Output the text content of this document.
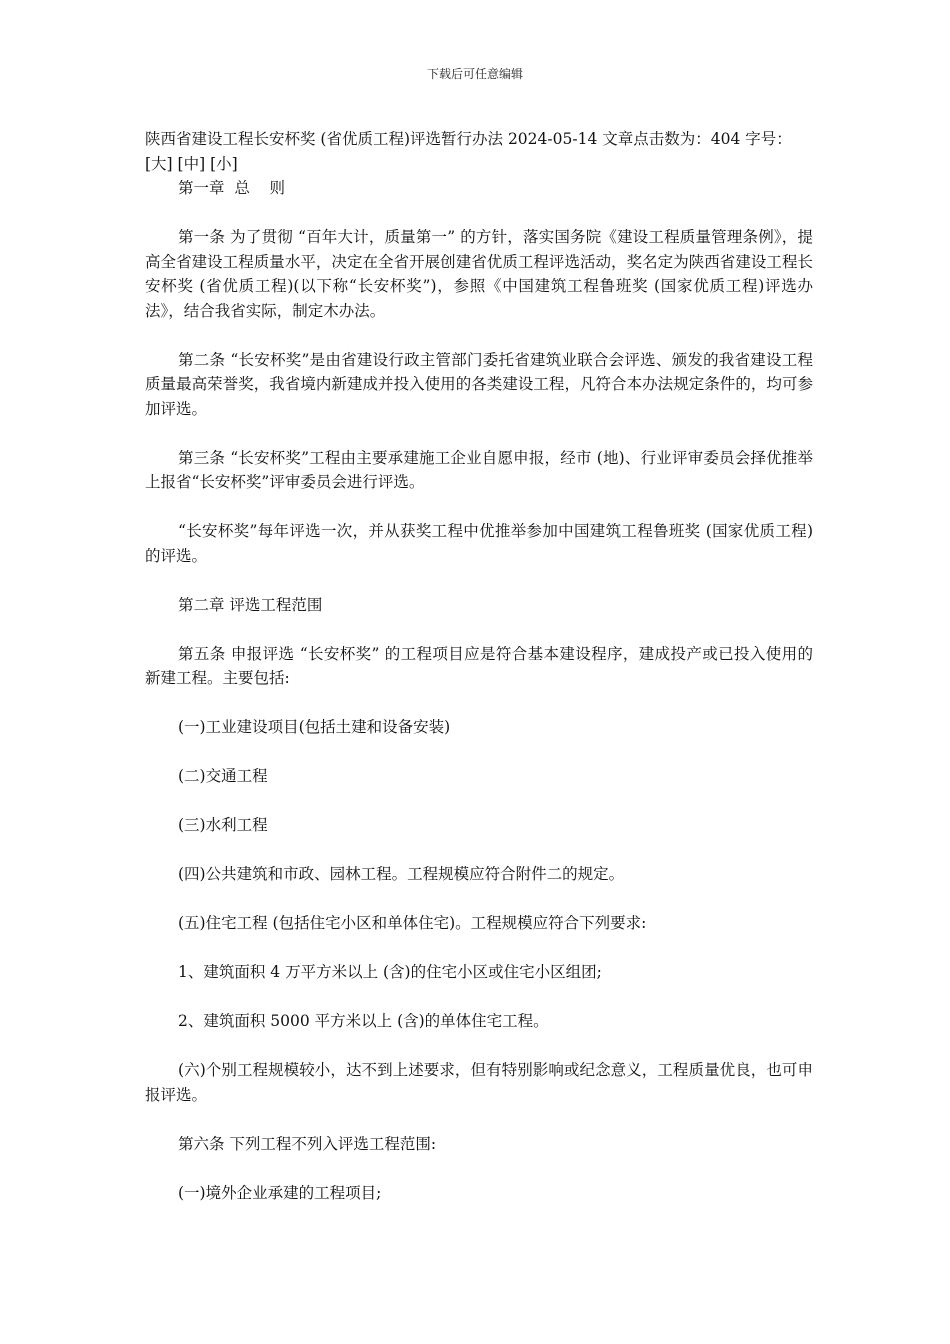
下载后可任意编辑

陕西省建设工程长安杯奖 (省优质工程)评选暂行办法 2024-05-14 文章点击数为：404 字号：

[大] [中] [小]

第一章  总    则

第一条 为了贯彻 “百年大计，质量第一” 的方针，落实国务院《建设工程质量管理条例》，提高全省建设工程质量水平，决定在全省开展创建省优质工程评选活动，奖名定为陕西省建设工程长安杯奖 (省优质工程)(以下称“长安杯奖”)，参照《中国建筑工程鲁班奖 (国家优质工程)评选办法》，结合我省实际，制定木办法。

第二条 “长安杯奖”是由省建设行政主管部门委托省建筑业联合会评选、颁发的我省建设工程质量最高荣誉奖，我省境内新建成并投入使用的各类建设工程，凡符合本办法规定条件的，均可参加评选。

第三条 “长安杯奖”工程由主要承建施工企业自愿申报，经市 (地)、行业评审委员会择优推举上报省“长安杯奖”评审委员会进行评选。

“长安杯奖”每年评选一次，并从获奖工程中优推举参加中国建筑工程鲁班奖 (国家优质工程)的评选。

第二章 评选工程范围

第五条 申报评选 “长安杯奖” 的工程项目应是符合基本建设程序，建成投产或已投入使用的新建工程。主要包括:

(一)工业建设项目(包括土建和设备安装)

(二)交通工程

(三)水利工程

(四)公共建筑和市政、园林工程。工程规模应符合附件二的规定。

(五)住宅工程 (包括住宅小区和单体住宅)。工程规模应符合下列要求:

1、建筑面积 4 万平方米以上 (含)的住宅小区或住宅小区组团;

2、建筑面积 5000 平方米以上 (含)的单体住宅工程。

(六)个别工程规模较小，达不到上述要求，但有特别影响或纪念意义，工程质量优良，也可申报评选。

第六条 下列工程不列入评选工程范围:

(一)境外企业承建的工程项目;
